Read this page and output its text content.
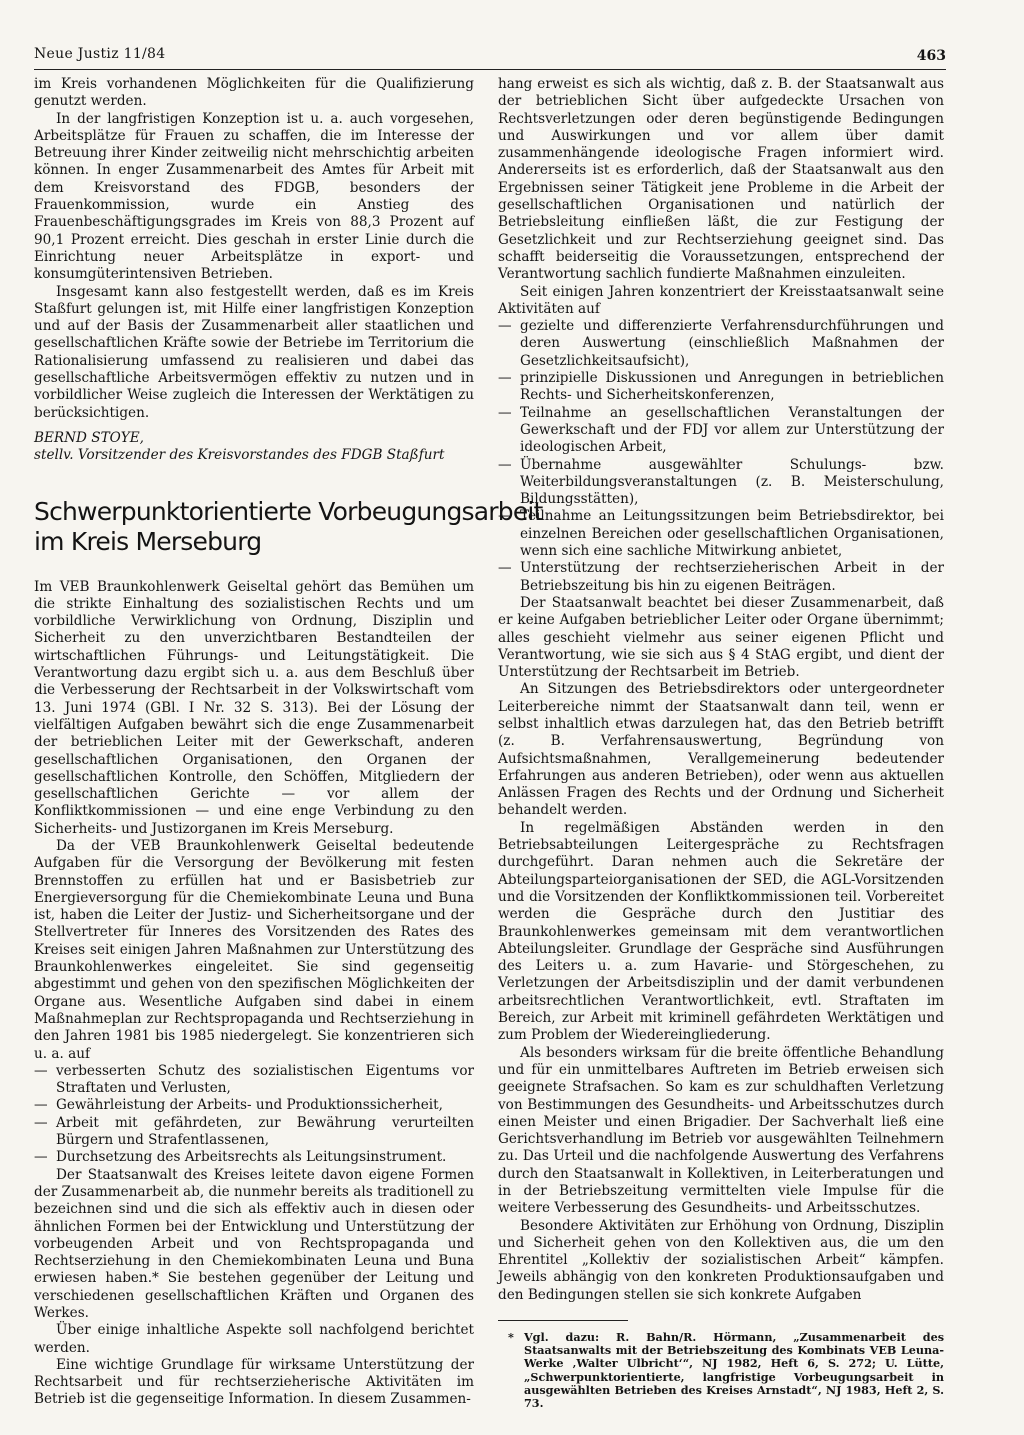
Neue Justiz 11/84	463

im Kreis vorhandenen Möglichkeiten für die Qualifizierung genutzt werden.

In der langfristigen Konzeption ist u. a. auch vorgesehen, Arbeitsplätze für Frauen zu schaffen, die im Interesse der Betreuung ihrer Kinder zeitweilig nicht mehrschichtig arbeiten können. In enger Zusammenarbeit des Amtes für Arbeit mit dem Kreisvorstand des FDGB, besonders der Frauenkommission, wurde ein Anstieg des Frauenbeschäftigungsgrades im Kreis von 88,3 Prozent auf 90,1 Prozent erreicht. Dies geschah in erster Linie durch die Einrichtung neuer Arbeitsplätze in export- und konsumgüterintensiven Betrieben.

Insgesamt kann also festgestellt werden, daß es im Kreis Staßfurt gelungen ist, mit Hilfe einer langfristigen Konzeption und auf der Basis der Zusammenarbeit aller staatlichen und gesellschaftlichen Kräfte sowie der Betriebe im Territorium die Rationalisierung umfassend zu realisieren und dabei das gesellschaftliche Arbeitsvermögen effektiv zu nutzen und in vorbildlicher Weise zugleich die Interessen der Werktätigen zu berücksichtigen.

BERND STOYE,
stellv. Vorsitzender des Kreisvorstandes des FDGB Staßfurt
Schwerpunktorientierte Vorbeugungsarbeit
im Kreis Merseburg

Im VEB Braunkohlenwerk Geiseltal gehört das Bemühen um die strikte Einhaltung des sozialistischen Rechts und um vorbildliche Verwirklichung von Ordnung, Disziplin und Sicherheit zu den unverzichtbaren Bestandteilen der wirtschaftlichen Führungs- und Leitungstätigkeit. Die Verantwortung dazu ergibt sich u. a. aus dem Beschluß über die Verbesserung der Rechtsarbeit in der Volkswirtschaft vom 13. Juni 1974 (GBl. I Nr. 32 S. 313). Bei der Lösung der vielfältigen Aufgaben bewährt sich die enge Zusammenarbeit der betrieblichen Leiter mit der Gewerkschaft, anderen gesellschaftlichen Organisationen, den Organen der gesellschaftlichen Kontrolle, den Schöffen, Mitgliedern der gesellschaftlichen Gerichte — vor allem der Konfliktkommissionen — und eine enge Verbindung zu den Sicherheits- und Justizorganen im Kreis Merseburg.

Da der VEB Braunkohlenwerk Geiseltal bedeutende Aufgaben für die Versorgung der Bevölkerung mit festen Brennstoffen zu erfüllen hat und er Basisbetrieb zur Energieversorgung für die Chemiekombinate Leuna und Buna ist, haben die Leiter der Justiz- und Sicherheitsorgane und der Stellvertreter für Inneres des Vorsitzenden des Rates des Kreises seit einigen Jahren Maßnahmen zur Unterstützung des Braunkohlenwerkes eingeleitet. Sie sind gegenseitig abgestimmt und gehen von den spezifischen Möglichkeiten der Organe aus. Wesentliche Aufgaben sind dabei in einem Maßnahmeplan zur Rechtspropaganda und Rechtserziehung in den Jahren 1981 bis 1985 niedergelegt. Sie konzentrieren sich u. a. auf

— verbesserten Schutz des sozialistischen Eigentums vor Straftaten und Verlusten,
— Gewährleistung der Arbeits- und Produktionssicherheit,
— Arbeit mit gefährdeten, zur Bewährung verurteilten Bürgern und Strafentlassenen,
— Durchsetzung des Arbeitsrechts als Leitungsinstrument.

Der Staatsanwalt des Kreises leitete davon eigene Formen der Zusammenarbeit ab, die nunmehr bereits als traditionell zu bezeichnen sind und die sich als effektiv auch in diesen oder ähnlichen Formen bei der Entwicklung und Unterstützung der vorbeugenden Arbeit und von Rechtspropaganda und Rechtserziehung in den Chemiekombinaten Leuna und Buna erwiesen haben.* Sie bestehen gegenüber der Leitung und verschiedenen gesellschaftlichen Kräften und Organen des Werkes.

Über einige inhaltliche Aspekte soll nachfolgend berichtet werden.

Eine wichtige Grundlage für wirksame Unterstützung der Rechtsarbeit und für rechtserzieherische Aktivitäten im Betrieb ist die gegenseitige Information. In diesem Zusammen-

hang erweist es sich als wichtig, daß z. B. der Staatsanwalt aus der betrieblichen Sicht über aufgedeckte Ursachen von Rechtsverletzungen oder deren begünstigende Bedingungen und Auswirkungen und vor allem über damit zusammenhängende ideologische Fragen informiert wird. Andererseits ist es erforderlich, daß der Staatsanwalt aus den Ergebnissen seiner Tätigkeit jene Probleme in die Arbeit der gesellschaftlichen Organisationen und natürlich der Betriebsleitung einfließen läßt, die zur Festigung der Gesetzlichkeit und zur Rechtserziehung geeignet sind. Das schafft beiderseitig die Voraussetzungen, entsprechend der Verantwortung sachlich fundierte Maßnahmen einzuleiten.

Seit einigen Jahren konzentriert der Kreisstaatsanwalt seine Aktivitäten auf

— gezielte und differenzierte Verfahrensdurchführungen und deren Auswertung (einschließlich Maßnahmen der Gesetzlichkeitsaufsicht),
— prinzipielle Diskussionen und Anregungen in betrieblichen Rechts- und Sicherheitskonferenzen,
— Teilnahme an gesellschaftlichen Veranstaltungen der Gewerkschaft und der FDJ vor allem zur Unterstützung der ideologischen Arbeit,
— Übernahme ausgewählter Schulungs- bzw. Weiterbildungsveranstaltungen (z. B. Meisterschulung, Bildungsstätten),
— Teilnahme an Leitungssitzungen beim Betriebsdirektor, bei einzelnen Bereichen oder gesellschaftlichen Organisationen, wenn sich eine sachliche Mitwirkung anbietet,
— Unterstützung der rechtserzieherischen Arbeit in der Betriebszeitung bis hin zu eigenen Beiträgen.

Der Staatsanwalt beachtet bei dieser Zusammenarbeit, daß er keine Aufgaben betrieblicher Leiter oder Organe übernimmt; alles geschieht vielmehr aus seiner eigenen Pflicht und Verantwortung, wie sie sich aus § 4 StAG ergibt, und dient der Unterstützung der Rechtsarbeit im Betrieb.

An Sitzungen des Betriebsdirektors oder untergeordneter Leiterbereiche nimmt der Staatsanwalt dann teil, wenn er selbst inhaltlich etwas darzulegen hat, das den Betrieb betrifft (z. B. Verfahrensauswertung, Begründung von Aufsichtsmaßnahmen, Verallgemeinerung bedeutender Erfahrungen aus anderen Betrieben), oder wenn aus aktuellen Anlässen Fragen des Rechts und der Ordnung und Sicherheit behandelt werden.

In regelmäßigen Abständen werden in den Betriebsabteilungen Leitergespräche zu Rechtsfragen durchgeführt. Daran nehmen auch die Sekretäre der Abteilungsparteiorganisationen der SED, die AGL-Vorsitzenden und die Vorsitzenden der Konfliktkommissionen teil. Vorbereitet werden die Gespräche durch den Justitiar des Braunkohlenwerkes gemeinsam mit dem verantwortlichen Abteilungsleiter. Grundlage der Gespräche sind Ausführungen des Leiters u. a. zum Havarie- und Störgeschehen, zu Verletzungen der Arbeitsdisziplin und der damit verbundenen arbeitsrechtlichen Verantwortlichkeit, evtl. Straftaten im Bereich, zur Arbeit mit kriminell gefährdeten Werktätigen und zum Problem der Wiedereingliederung.

Als besonders wirksam für die breite öffentliche Behandlung und für ein unmittelbares Auftreten im Betrieb erweisen sich geeignete Strafsachen. So kam es zur schuldhaften Verletzung von Bestimmungen des Gesundheits- und Arbeitsschutzes durch einen Meister und einen Brigadier. Der Sachverhalt ließ eine Gerichtsverhandlung im Betrieb vor ausgewählten Teilnehmern zu. Das Urteil und die nachfolgende Auswertung des Verfahrens durch den Staatsanwalt in Kollektiven, in Leiterberatungen und in der Betriebszeitung vermittelten viele Impulse für die weitere Verbesserung des Gesundheits- und Arbeitsschutzes.

Besondere Aktivitäten zur Erhöhung von Ordnung, Disziplin und Sicherheit gehen von den Kollektiven aus, die um den Ehrentitel „Kollektiv der sozialistischen Arbeit“ kämpfen. Jeweils abhängig von den konkreten Produktionsaufgaben und den Bedingungen stellen sie sich konkrete Aufgaben

* Vgl. dazu: R. Bahn/R. Hörmann, „Zusammenarbeit des Staatsanwalts mit der Betriebszeitung des Kombinats VEB Leuna-Werke ‚Walter Ulbricht‘“, NJ 1982, Heft 6, S. 272; U. Lütte, „Schwerpunktorientierte, langfristige Vorbeugungsarbeit in ausgewählten Betrieben des Kreises Arnstadt“, NJ 1983, Heft 2, S. 73.
